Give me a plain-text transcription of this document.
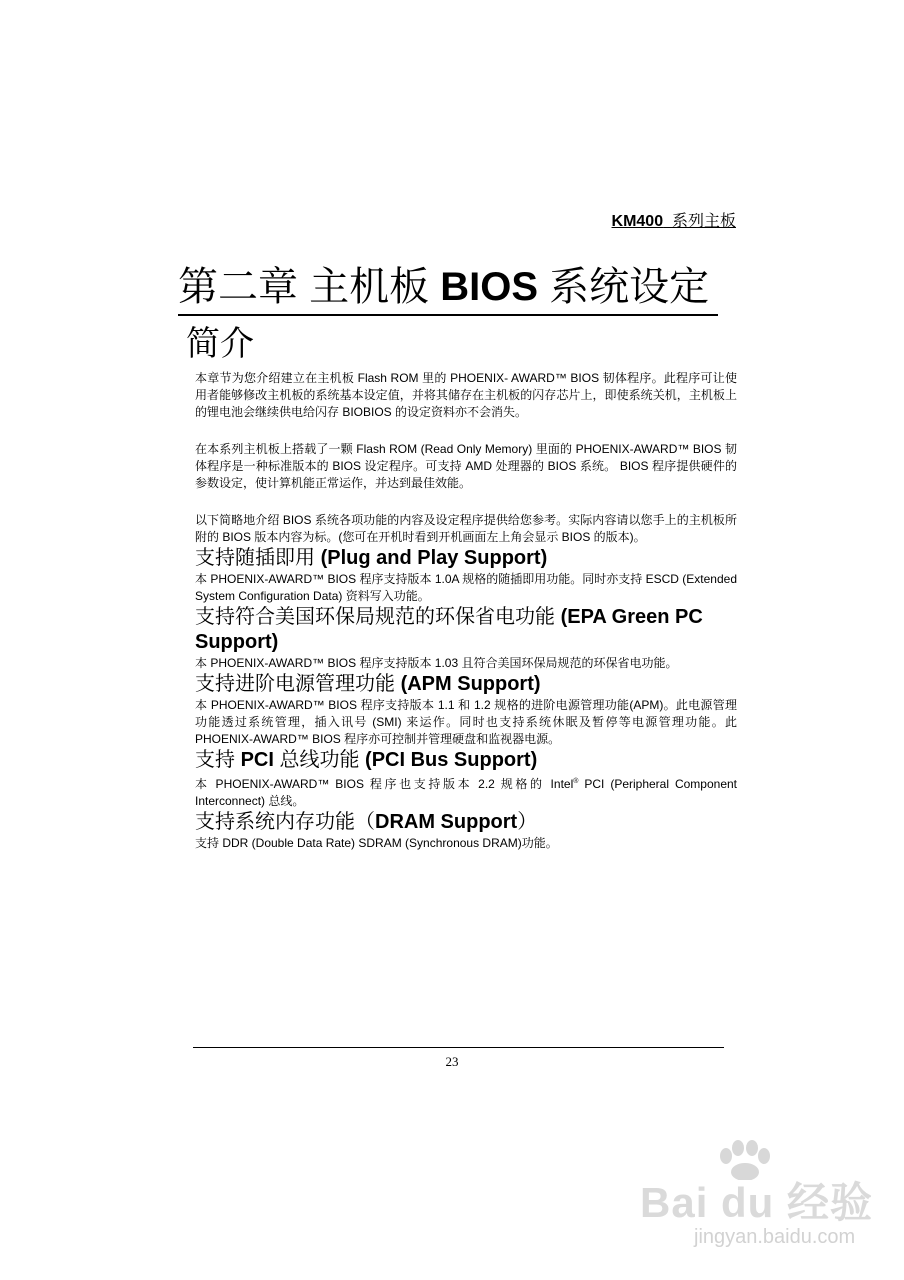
KM400 系列主板
第二章 主机板 BIOS 系统设定
简介

本章节为您介绍建立在主机板 Flash ROM 里的 PHOENIX- AWARD™ BIOS 韧体程序。此程序可让使用者能够修改主机板的系统基本设定值，并将其储存在主机板的闪存芯片上，即使系统关机，主机板上的锂电池会继续供电给闪存 BIOBIOS 的设定资料亦不会消失。

在本系列主机板上搭载了一颗 Flash ROM (Read Only Memory) 里面的 PHOENIX-AWARD™ BIOS 韧体程序是一种标准版本的 BIOS 设定程序。可支持 AMD 处理器的 BIOS 系统。 BIOS 程序提供硬件的参数设定，使计算机能正常运作，并达到最佳效能。

以下简略地介绍 BIOS 系统各项功能的内容及设定程序提供给您参考。实际内容请以您手上的主机板所附的 BIOS 版本内容为标。(您可在开机时看到开机画面左上角会显示 BIOS 的版本)。

支持随插即用 (Plug and Play Support)

本 PHOENIX-AWARD™ BIOS 程序支持版本 1.0A 规格的随插即用功能。同时亦支持 ESCD (Extended System Configuration Data) 资料写入功能。

支持符合美国环保局规范的环保省电功能 (EPA Green PC Support)

本 PHOENIX-AWARD™ BIOS 程序支持版本 1.03 且符合美国环保局规范的环保省电功能。

支持进阶电源管理功能 (APM Support)

本 PHOENIX-AWARD™ BIOS 程序支持版本 1.1 和 1.2 规格的进阶电源管理功能(APM)。此电源管理功能透过系统管理，插入讯号 (SMI) 来运作。同时也支持系统休眠及暂停等电源管理功能。此 PHOENIX-AWARD™ BIOS 程序亦可控制并管理硬盘和监视器电源。

支持 PCI 总线功能 (PCI Bus Support)

本 PHOENIX-AWARD™ BIOS 程序也支持版本 2.2 规格的 Intel® PCI (Peripheral Component Interconnect) 总线。

支持系统内存功能（DRAM Support）

支持 DDR (Double Data Rate) SDRAM (Synchronous DRAM)功能。

23
Bai du 经验
jingyan.baidu.com
